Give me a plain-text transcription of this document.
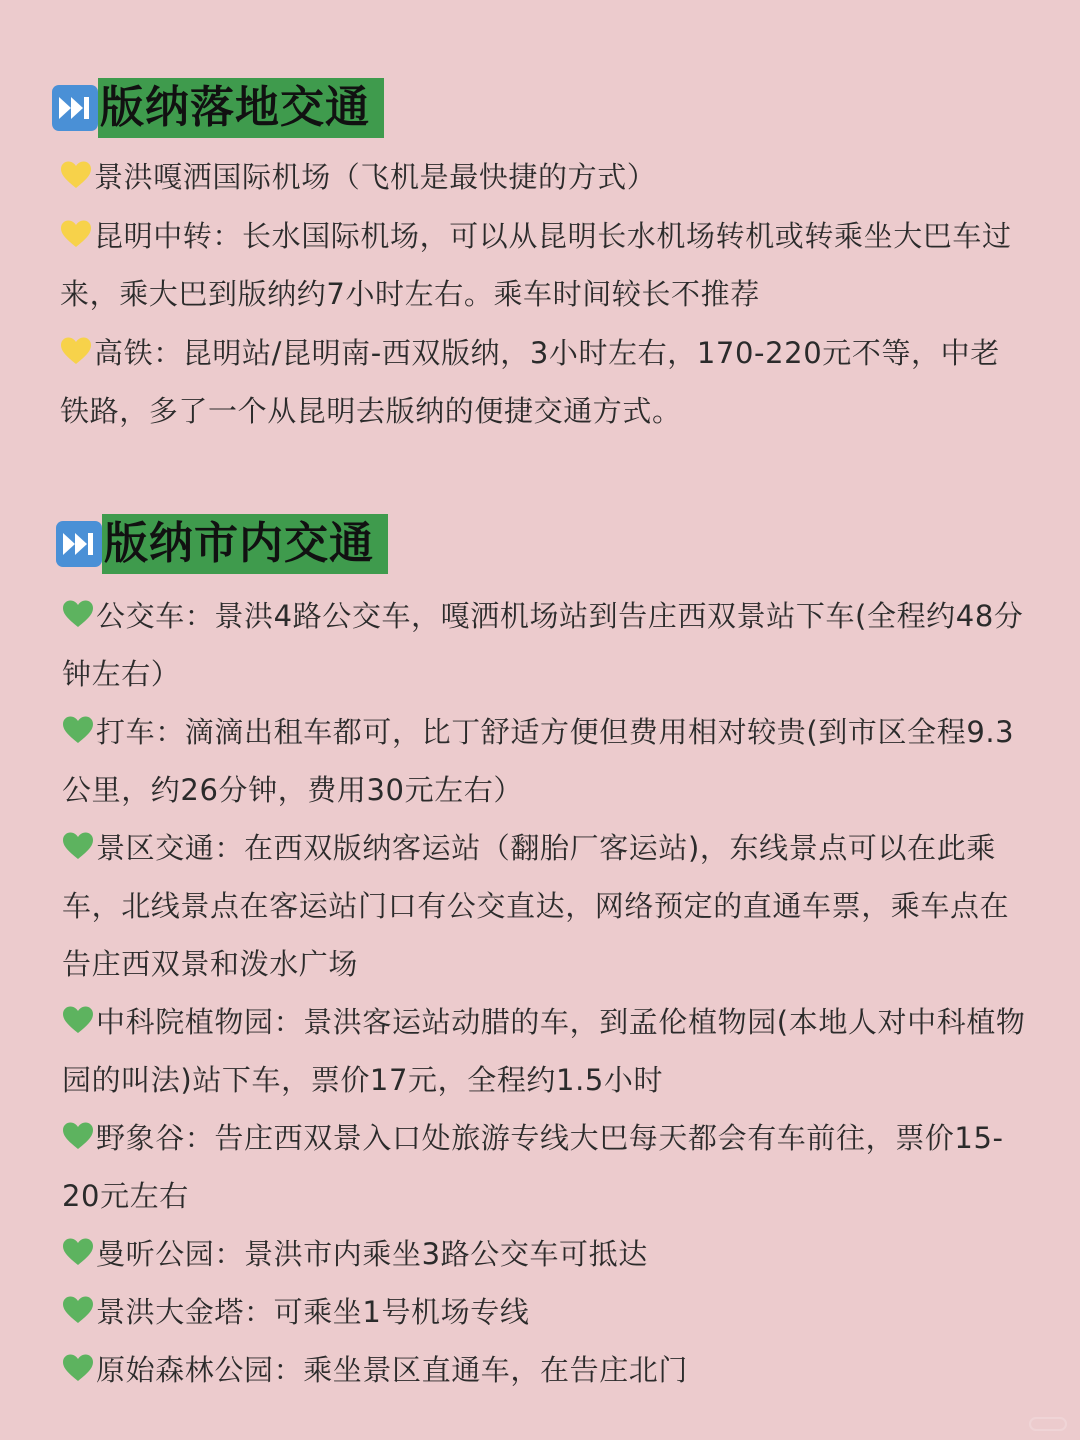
版纳落地交通
景洪嘎洒国际机场（飞机是最快捷的方式）
昆明中转：长水国际机场，可以从昆明长水机场转机或转乘坐大巴车过来，乘大巴到版纳约7小时左右。乘车时间较长不推荐
高铁：昆明站/昆明南-西双版纳，3小时左右，170-220元不等，中老铁路，多了一个从昆明去版纳的便捷交通方式。
版纳市内交通
公交车：景洪4路公交车，嘎洒机场站到告庄西双景站下车(全程约48分钟左右）
打车：滴滴出租车都可，比丁舒适方便但费用相对较贵(到市区全程9.3公里，约26分钟，费用30元左右）
景区交通：在西双版纳客运站（翻胎厂客运站)，东线景点可以在此乘车，北线景点在客运站门口有公交直达，网络预定的直通车票，乘车点在告庄西双景和泼水广场
中科院植物园：景洪客运站动腊的车，到孟伦植物园(本地人对中科植物园的叫法)站下车，票价17元，全程约1.5小时
野象谷：告庄西双景入口处旅游专线大巴每天都会有车前往，票价15-20元左右
曼听公园：景洪市内乘坐3路公交车可抵达
景洪大金塔：可乘坐1号机场专线
原始森林公园：乘坐景区直通车，在告庄北门
